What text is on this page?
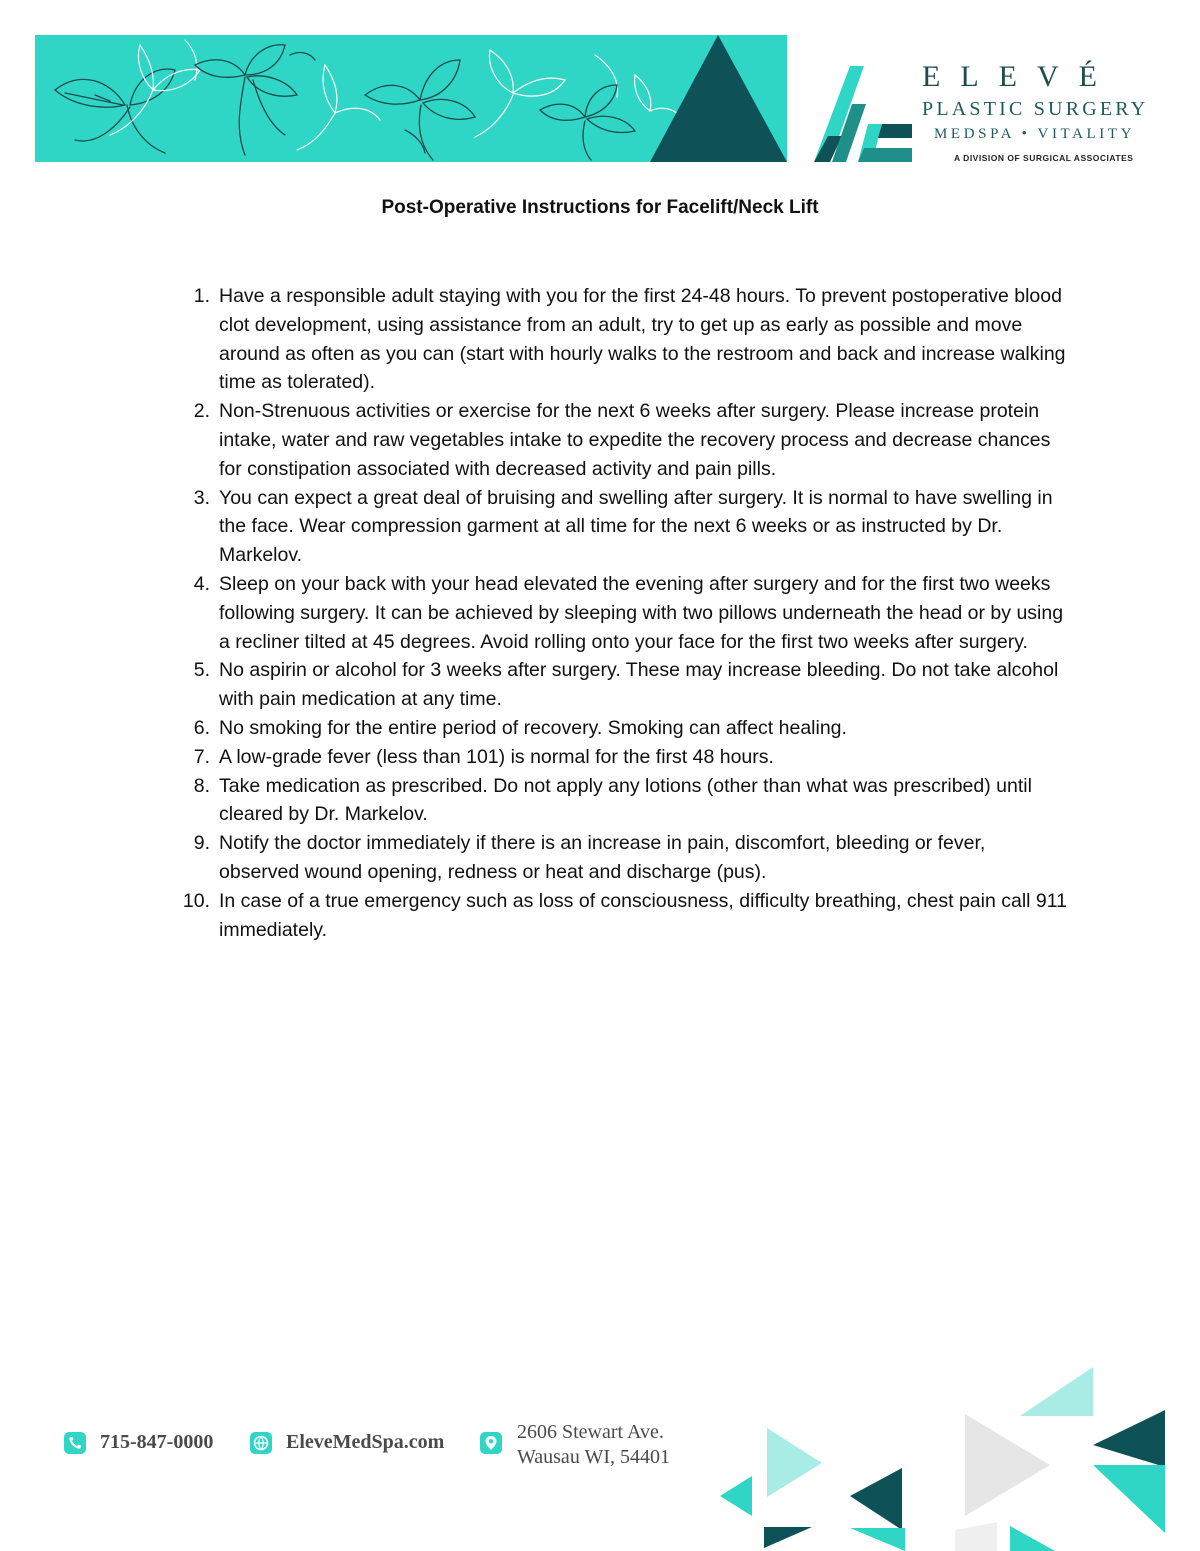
ELEVÉ
PLASTIC SURGERY
MEDSPA • VITALITY
A DIVISION OF SURGICAL ASSOCIATES
Post-Operative Instructions for Facelift/Neck Lift
1. Have a responsible adult staying with you for the first 24-48 hours. To prevent postoperative blood clot development, using assistance from an adult, try to get up as early as possible and move around as often as you can (start with hourly walks to the restroom and back and increase walking time as tolerated).
2. Non-Strenuous activities or exercise for the next 6 weeks after surgery. Please increase protein intake, water and raw vegetables intake to expedite the recovery process and decrease chances for constipation associated with decreased activity and pain pills.
3. You can expect a great deal of bruising and swelling after surgery. It is normal to have swelling in the face. Wear compression garment at all time for the next 6 weeks or as instructed by Dr. Markelov.
4. Sleep on your back with your head elevated the evening after surgery and for the first two weeks following surgery. It can be achieved by sleeping with two pillows underneath the head or by using a recliner tilted at 45 degrees. Avoid rolling onto your face for the first two weeks after surgery.
5. No aspirin or alcohol for 3 weeks after surgery. These may increase bleeding. Do not take alcohol with pain medication at any time.
6. No smoking for the entire period of recovery. Smoking can affect healing.
7. A low-grade fever (less than 101) is normal for the first 48 hours.
8. Take medication as prescribed. Do not apply any lotions (other than what was prescribed) until cleared by Dr. Markelov.
9. Notify the doctor immediately if there is an increase in pain, discomfort, bleeding or fever, observed wound opening, redness or heat and discharge (pus).
10. In case of a true emergency such as loss of consciousness, difficulty breathing, chest pain call 911 immediately.
715-847-0000	EleveMedSpa.com	2606 Stewart Ave.
Wausau WI, 54401
